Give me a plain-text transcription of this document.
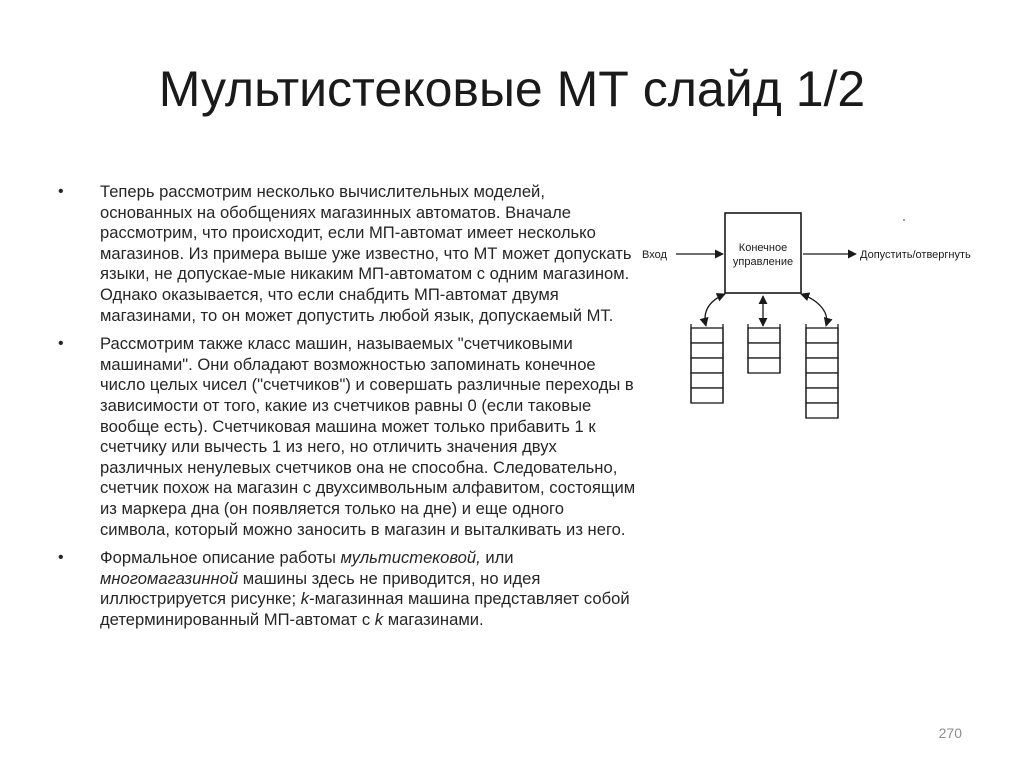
Мультистековые МТ слайд 1/2
• Теперь рассмотрим несколько вычислительных моделей, основанных на обобщениях магазинных автоматов. Вначале рассмотрим, что происходит, если МП-автомат имеет несколько магазинов. Из примера выше уже известно, что МТ может допускать языки, не допускае-мые никаким МП-автоматом с одним магазином. Однако оказывается, что если снабдить МП-автомат двумя магазинами, то он может допустить любой язык, допускаемый МТ.
• Рассмотрим также класс машин, называемых "счетчиковыми машинами". Они обладают возможностью запоминать конечное число целых чисел ("счетчиков") и совершать различные переходы в зависимости от того, какие из счетчиков равны 0 (если таковые вообще есть). Счетчиковая машина может только прибавить 1 к счетчику или вычесть 1 из него, но отличить значения двух различных ненулевых счетчиков она не способна. Следовательно, счетчик похож на магазин с двухсимвольным алфавитом, состоящим из маркера дна (он появляется только на дне) и еще одного символа, который можно заносить в магазин и выталкивать из него.
• Формальное описание работы мультистековой, или многомагазинной машины здесь не приводится, но идея иллюстрируется рисунке; k-магазинная машина представляет собой детерминированный МП-автомат с k магазинами.
Конечное
управление
Вход	Допустить/отвергнуть
270
